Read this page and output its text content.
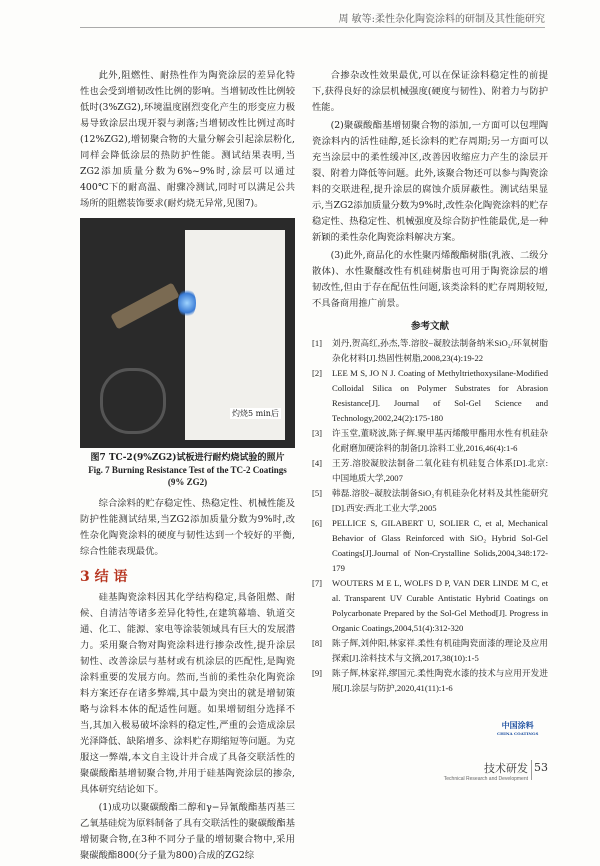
周 敏等:柔性杂化陶瓷涂料的研制及其性能研究

此外,阻燃性、耐热性作为陶瓷涂层的差异化特性也会受到增韧改性比例的影响。当增韧改性比例较低时(3%ZG2),环境温度剧烈变化产生的形变应力极易导致涂层出现开裂与剥落;当增韧改性比例过高时(12%ZG2),增韧聚合物的大量分解会引起涂层粉化,同样会降低涂层的热防护性能。测试结果表明,当ZG2添加质量分数为6%~9%时,涂层可以通过400℃下的耐高温、耐骤冷测试,同时可以满足公共场所的阻燃装饰要求(耐灼烧无异常,见图7)。

灼烧5 min后
图7 TC-2(9%ZG2)试板进行耐灼烧试验的照片
Fig. 7 Burning Resistance Test of the TC-2 Coatings
(9% ZG2)

综合涂料的贮存稳定性、热稳定性、机械性能及防护性能测试结果,当ZG2添加质量分数为9%时,改性杂化陶瓷涂料的硬度与韧性达到一个较好的平衡,综合性能表现最优。

3 结 语

硅基陶瓷涂料因其化学结构稳定,具备阻燃、耐候、自清洁等诸多差异化特性,在建筑幕墙、轨道交通、化工、能源、家电等涂装领域具有巨大的发展潜力。采用聚合物对陶瓷涂料进行掺杂改性,提升涂层韧性、改善涂层与基材或有机涂层的匹配性,是陶瓷涂料重要的发展方向。然而,当前的柔性杂化陶瓷涂料方案还存在诸多弊端,其中最为突出的就是增韧策略与涂料本体的配适性问题。如果增韧组分选择不当,其加入极易破坏涂料的稳定性,严重的会造成涂层光泽降低、缺陷增多、涂料贮存期缩短等问题。为克服这一弊端,本文自主设计并合成了具备交联活性的聚碳酸酯基增韧聚合物,并用于硅基陶瓷涂层的掺杂,具体研究结论如下。

(1)成功以聚碳酸酯二醇和γ−异氰酸酯基丙基三乙氧基硅烷为原料制备了具有交联活性的聚碳酸酯基增韧聚合物,在3种不同分子量的增韧聚合物中,采用聚碳酸酯800(分子量为800)合成的ZG2综

合掺杂改性效果最优,可以在保证涂料稳定性的前提下,获得良好的涂层机械强度(硬度与韧性)、附着力与防护性能。

(2)聚碳酸酯基增韧聚合物的添加,一方面可以包埋陶瓷涂料内的活性硅醇,延长涂料的贮存周期;另一方面可以充当涂层中的柔性缓冲区,改善因收缩应力产生的涂层开裂、附着力降低等问题。此外,该聚合物还可以参与陶瓷涂料的交联进程,提升涂层的腐蚀介质屏蔽性。测试结果显示,当ZG2添加质量分数为9%时,改性杂化陶瓷涂料的贮存稳定性、热稳定性、机械强度及综合防护性能最优,是一种新颖的柔性杂化陶瓷涂料解决方案。

(3)此外,商品化的水性聚丙烯酸酯树脂(乳液、二级分散体)、水性聚醚改性有机硅树脂也可用于陶瓷涂层的增韧改性,但由于存在配伍性问题,该类涂料的贮存周期较短,不具备商用推广前景。

参考文献
[1]	刘丹,贺高红,孙杰,等.溶胶−凝胶法制备纳米SiO₂/环氧树脂杂化材料[J].热固性树脂,2008,23(4):19-22
[2]	LEE M S, JO N J. Coating of Methyltriethoxysilane-Modified Colloidal Silica on Polymer Substrates for Abrasion Resistance[J]. Journal of Sol-Gel Science and Technology,2002,24(2):175-180
[3]	许玉堂,董晓波,陈子辉.聚甲基丙烯酸甲酯用水性有机硅杂化耐磨加硬涂料的制备[J].涂料工业,2016,46(4):1-6
[4]	王芳.溶胶凝胶法制备二氧化硅有机硅复合体系[D].北京:中国地质大学,2007
[5]	韩磊.溶胶−凝胶法制备SiO₂有机硅杂化材料及其性能研究[D].西安:西北工业大学,2005
[6]	PELLICE S, GILABERT U, SOLIER C, et al, Mechanical Behavior of Glass Reinforced with SiO₂ Hybrid Sol-Gel Coatings[J].Journal of Non-Crystalline Solids,2004,348:172-179
[7]	WOUTERS M E L, WOLFS D P, VAN DER LINDE M C, et al. Transparent UV Curable Antistatic Hybrid Coatings on Polycarbonate Prepared by the Sol-Gel Method[J]. Progress in Organic Coatings,2004,51(4):312-320
[8]	陈子辉,刘仲阳,林家祥.柔性有机硅陶瓷面漆的理论及应用探索[J].涂料技术与文摘,2017,38(10):1-5
[9]	陈子辉,林家祥,缪国元.柔性陶瓷水漆的技术与应用开发进展[J].涂层与防护,2020,41(11):1-6
中国涂料
CHINA COATINGS
技术研发
Technical Research and Development
53
